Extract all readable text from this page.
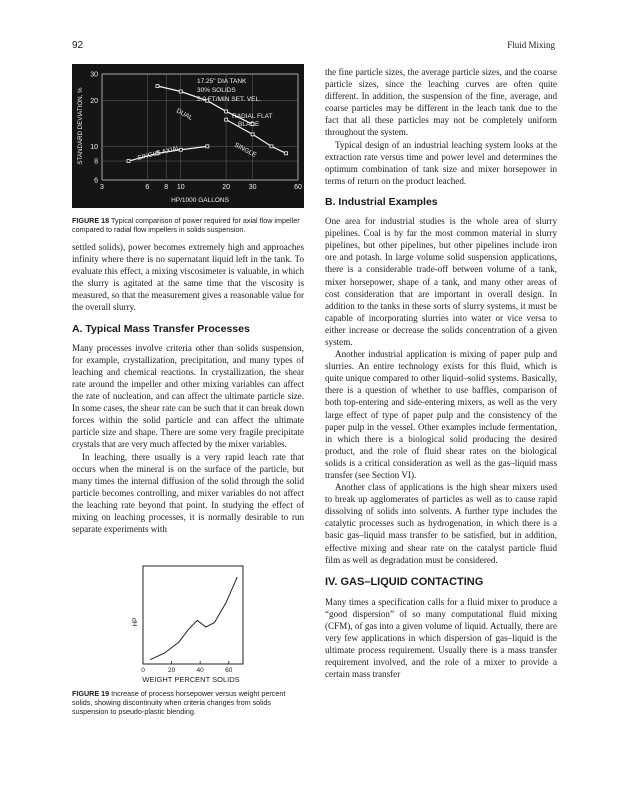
92	Fluid Mixing
30
20
10
8
6
3	6 8 10	20	30	60
STANDARD DEVIATION, %
HP/1000 GALLONS
17.25" DIA TANK
30% SOLIDS
5.0 FT/MIN SET. VEL.
RADIAL FLAT
BLADE
DUAL
SINGLE AXIAL	SINGLE
FIGURE 18 Typical comparison of power required for axial flow impeller compared to radial flow impellers in solids suspension.

settled solids), power becomes extremely high and approaches infinity where there is no supernatant liquid left in the tank. To evaluate this effect, a mixing viscosimeter is valuable, in which the slurry is agitated at the same time that the viscosity is measured, so that the measurement gives a reasonable value for the overall slurry.

A. Typical Mass Transfer Processes

Many processes involve criteria other than solids suspension, for example, crystallization, precipitation, and many types of leaching and chemical reactions. In crystallization, the shear rate around the impeller and other mixing variables can affect the rate of nucleation, and can affect the ultimate particle size. In some cases, the shear rate can be such that it can break down forces within the solid particle and can affect the ultimate particle size and shape. There are some very fragile precipitate crystals that are very much affected by the mixer variables.

In leaching, there usually is a very rapid leach rate that occurs when the mineral is on the surface of the particle, but many times the internal diffusion of the solid through the solid particle becomes controlling, and mixer variables do not affect the leaching rate beyond that point. In studying the effect of mixing on leaching processes, it is normally desirable to run separate experiments with

0	20	40	60
HP
WEIGHT PERCENT SOLIDS
FIGURE 19 Increase of process horsepower versus weight percent solids, showing discontinuity when criteria changes from solids suspension to pseudo-plastic blending.

the fine particle sizes, the average particle sizes, and the coarse particle sizes, since the leaching curves are often quite different. In addition, the suspension of the fine, average, and coarse particles may be different in the leach tank due to the fact that all these particles may not be completely uniform throughout the system.

Typical design of an industrial leaching system looks at the extraction rate versus time and power level and determines the optimum combination of tank size and mixer horsepower in terms of return on the product leached.

B. Industrial Examples

One area for industrial studies is the whole area of slurry pipelines. Coal is by far the most common material in slurry pipelines, but other pipelines, but other pipelines include iron ore and potash. In large volume solid suspension applications, there is a considerable trade-off between volume of a tank, mixer horsepower, shape of a tank, and many other areas of cost consideration that are important in overall design. In addition to the tanks in these sorts of slurry systems, it must be capable of incorporating slurries into water or vice versa to either increase or decrease the solids concentration of a given system.

Another industrial application is mixing of paper pulp and slurries. An entire technology exists for this fluid, which is quite unique compared to other liquid–solid systems. Basically, there is a question of whether to use baffles, comparison of both top-entering and side-entering mixers, as well as the very large effect of type of paper pulp and the consistency of the paper pulp in the vessel. Other examples include fermentation, in which there is a biological solid producing the desired product, and the role of fluid shear rates on the biological solids is a critical consideration as well as the gas–liquid mass transfer (see Section VI).

Another class of applications is the high shear mixers used to break up agglomerates of particles as well as to cause rapid dissolving of solids into solvents. A further type includes the catalytic processes such as hydrogenation, in which there is a basic gas–liquid mass transfer to be satisfied, but in addition, effective mixing and shear rate on the catalyst particle fluid film as well as degradation must be considered.

IV. GAS–LIQUID CONTACTING

Many times a specification calls for a fluid mixer to produce a “good dispersion” of so many computational fluid mixing (CFM), of gas into a given volume of liquid. Actually, there are very few applications in which dispersion of gas–liquid is the ultimate process requirement. Usually there is a mass transfer requirement involved, and the role of a mixer to provide a certain mass transfer
